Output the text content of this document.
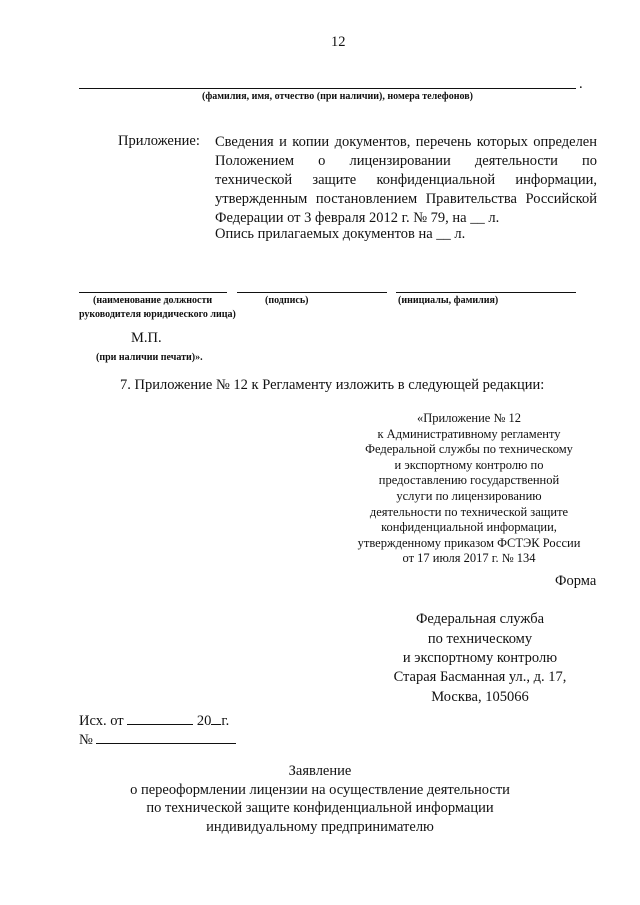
12
.
(фамилия, имя, отчество (при наличии), номера телефонов)
Приложение: Сведения и копии документов, перечень которых определен
Положением о лицензировании деятельности по
технической защите конфиденциальной информации,
утвержденным постановлением Правительства Российской
Федерации от 3 февраля 2012 г. № 79, на __ л.
Опись прилагаемых документов на __ л.
(наименование должности
руководителя юридического лица)
(подпись)	(инициалы, фамилия)
М.П.
(при наличии печати)».
7. Приложение № 12 к Регламенту изложить в следующей редакции:
«Приложение № 12
к Административному регламенту
Федеральной службы по техническому
и экспортному контролю по
предоставлению государственной
услуги по лицензированию
деятельности по технической защите
конфиденциальной информации,
утвержденному приказом ФСТЭК России
от 17 июля 2017 г. № 134
Форма
Федеральная служба
по техническому
и экспортному контролю
Старая Басманная ул., д. 17,
Москва, 105066
Исх. от	20 г.
№
Заявление
о переоформлении лицензии на осуществление деятельности
по технической защите конфиденциальной информации
индивидуальному предпринимателю
